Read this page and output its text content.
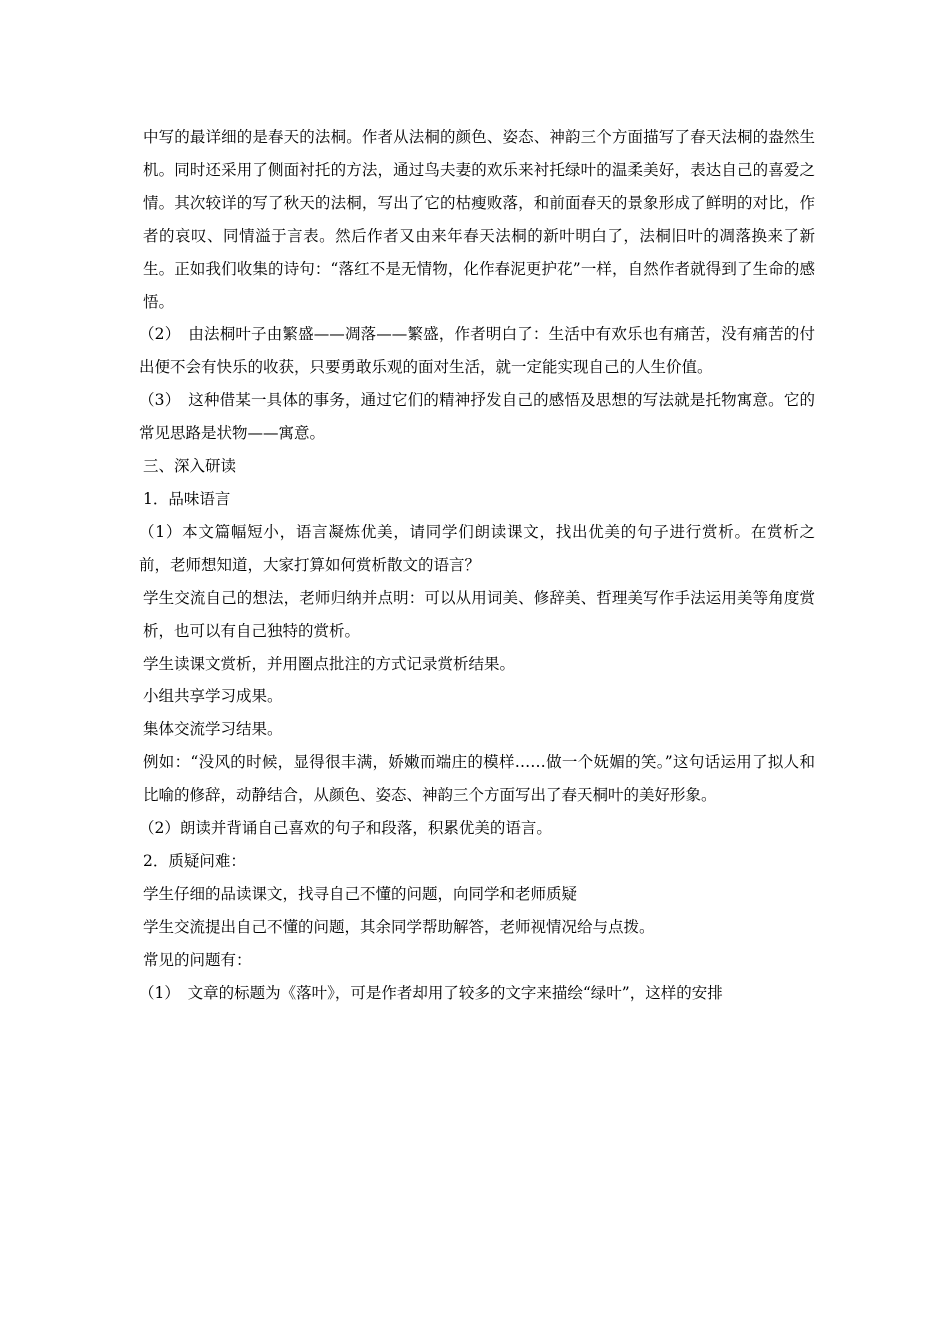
中写的最详细的是春天的法桐。作者从法桐的颜色、姿态、神韵三个方面描写了春天法桐的盎然生机。同时还采用了侧面衬托的方法，通过鸟夫妻的欢乐来衬托绿叶的温柔美好，表达自己的喜爱之情。其次较详的写了秋天的法桐，写出了它的枯瘦败落，和前面春天的景象形成了鲜明的对比，作者的哀叹、同情溢于言表。然后作者又由来年春天法桐的新叶明白了，法桐旧叶的凋落换来了新生。正如我们收集的诗句：“落红不是无情物，化作春泥更护花”一样，自然作者就得到了生命的感悟。

（2）　由法桐叶子由繁盛——凋落——繁盛，作者明白了：生活中有欢乐也有痛苦，没有痛苦的付出便不会有快乐的收获，只要勇敢乐观的面对生活，就一定能实现自己的人生价值。

（3）　这种借某一具体的事务，通过它们的精神抒发自己的感悟及思想的写法就是托物寓意。它的常见思路是状物——寓意。

三、深入研读

1．品味语言

（1）本文篇幅短小，语言凝炼优美，请同学们朗读课文，找出优美的句子进行赏析。在赏析之前，老师想知道，大家打算如何赏析散文的语言？

学生交流自己的想法，老师归纳并点明：可以从用词美、修辞美、哲理美写作手法运用美等角度赏析，也可以有自己独特的赏析。

学生读课文赏析，并用圈点批注的方式记录赏析结果。

小组共享学习成果。

集体交流学习结果。

例如：“没风的时候，显得很丰满，娇嫩而端庄的模样……做一个妩媚的笑。”这句话运用了拟人和比喻的修辞，动静结合，从颜色、姿态、神韵三个方面写出了春天桐叶的美好形象。

（2）朗读并背诵自己喜欢的句子和段落，积累优美的语言。

2．质疑问难：

学生仔细的品读课文，找寻自己不懂的问题，向同学和老师质疑

学生交流提出自己不懂的问题，其余同学帮助解答，老师视情况给与点拨。

常见的问题有：

（1）　文章的标题为《落叶》，可是作者却用了较多的文字来描绘“绿叶”，这样的安排
